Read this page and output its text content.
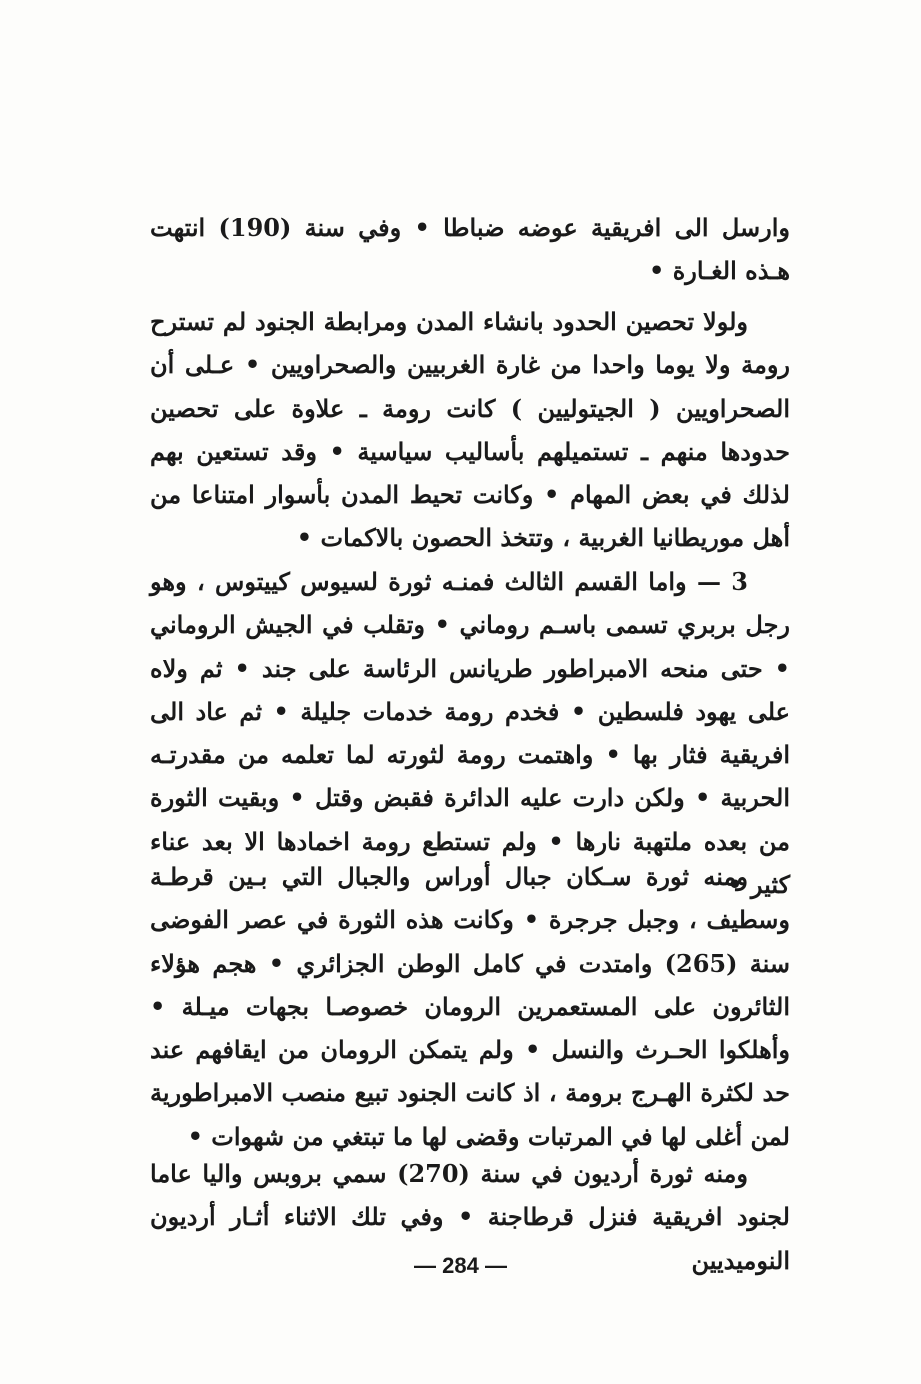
وارسل الى افريقية عوضه ضباطا • وفي سنة (190) انتهت هـذه الغـارة •

ولولا تحصين الحدود بانشاء المدن ومرابطة الجنود لم تسترح رومة ولا يوما واحدا من غارة الغربيين والصحراويين • عـلى أن الصحراويين ( الجيتوليين ) كانت رومة ـ علاوة على تحصين حدودها منهم ـ تستميلهم بأساليب سياسية • وقد تستعين بهم لذلك في بعض المهام • وكانت تحيط المدن بأسوار امتناعا من أهل موريطانيا الغربية ، وتتخذ الحصون بالاكمات •

3 — واما القسم الثالث فمنـه ثورة لسيوس كييتوس ، وهو رجل بربري تسمى باسـم روماني • وتقلب في الجيش الروماني • حتى منحه الامبراطور طريانس الرئاسة على جند • ثم ولاه على يهود فلسطين • فخدم رومة خدمات جليلة • ثم عاد الى افريقية فثار بها • واهتمت رومة لثورته لما تعلمه من مقدرتـه الحربية • ولكن دارت عليه الدائرة فقبض وقتل • وبقيت الثورة من بعده ملتهبة نارها • ولم تستطع رومة اخمادها الا بعد عناء كثير •

ومنه ثورة سـكان جبال أوراس والجبال التي بـين قرطـة وسطيف ، وجبل جرجرة • وكانت هذه الثورة في عصر الفوضى سنة (265) وامتدت في كامل الوطن الجزائري • هجم هؤلاء الثائرون على المستعمرين الرومان خصوصـا بجهات ميـلة • وأهلكوا الحـرث والنسل • ولم يتمكن الرومان من ايقافهم عند حد لكثرة الهـرج برومة ، اذ كانت الجنود تبيع منصب الامبراطورية لمن أغلى لها في المرتبات وقضى لها ما تبتغي من شهوات •

ومنه ثورة أرديون في سنة (270) سمي بروبس واليا عاما لجنود افريقية فنزل قرطاجنة • وفي تلك الاثناء أثـار أرديون النوميديين

— 284 —
